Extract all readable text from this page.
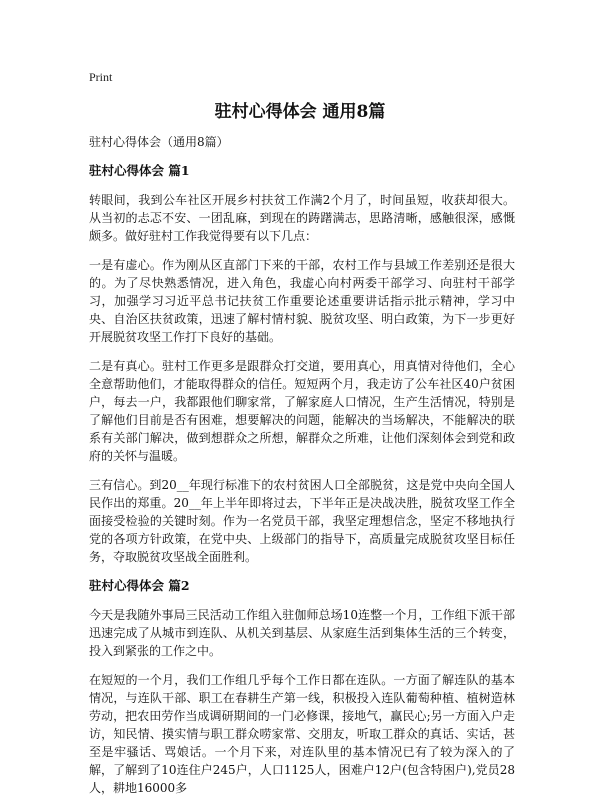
Print
驻村心得体会 通用8篇

驻村心得体会（通用8篇）

驻村心得体会 篇1

转眼间，我到公车社区开展乡村扶贫工作满2个月了，时间虽短，收获却很大。从当初的忐忑不安、一团乱麻，到现在的踌躇满志，思路清晰，感触很深，感慨颇多。做好驻村工作我觉得要有以下几点：

一是有虚心。作为刚从区直部门下来的干部，农村工作与县域工作差别还是很大的。为了尽快熟悉情况，进入角色，我虚心向村两委干部学习、向驻村干部学习，加强学习习近平总书记扶贫工作重要论述重要讲话指示批示精神，学习中央、自治区扶贫政策，迅速了解村情村貌、脱贫攻坚、明白政策，为下一步更好开展脱贫攻坚工作打下良好的基础。

二是有真心。驻村工作更多是跟群众打交道，要用真心，用真情对待他们，全心全意帮助他们，才能取得群众的信任。短短两个月，我走访了公车社区40户贫困户，每去一户，我都跟他们聊家常，了解家庭人口情况，生产生活情况，特别是了解他们目前是否有困难，想要解决的问题，能解决的当场解决，不能解决的联系有关部门解决，做到想群众之所想，解群众之所难，让他们深刻体会到党和政府的关怀与温暖。

三有信心。到20__年现行标准下的农村贫困人口全部脱贫，这是党中央向全国人民作出的郑重。20__年上半年即将过去，下半年正是决战决胜，脱贫攻坚工作全面接受检验的关键时刻。作为一名党员干部，我坚定理想信念，坚定不移地执行党的各项方针政策，在党中央、上级部门的指导下，高质量完成脱贫攻坚目标任务，夺取脱贫攻坚战全面胜利。

驻村心得体会 篇2

今天是我随外事局三民活动工作组入驻伽师总场10连整一个月，工作组下派干部迅速完成了从城市到连队、从机关到基层、从家庭生活到集体生活的三个转变，投入到紧张的工作之中。

在短短的一个月，我们工作组几乎每个工作日都在连队。一方面了解连队的基本情况，与连队干部、职工在春耕生产第一线，积极投入连队葡萄种植、植树造林劳动，把农田劳作当成调研期间的一门必修课，接地气，赢民心;另一方面入户走访，知民情、摸实情与职工群众唠家常、交朋友，听取工群众的真话、实话，甚至是牢骚话、骂娘话。一个月下来，对连队里的基本情况已有了较为深入的了解，了解到了10连住户245户，人口1125人，困难户12户(包含特困户),党员28人，耕地16000多
